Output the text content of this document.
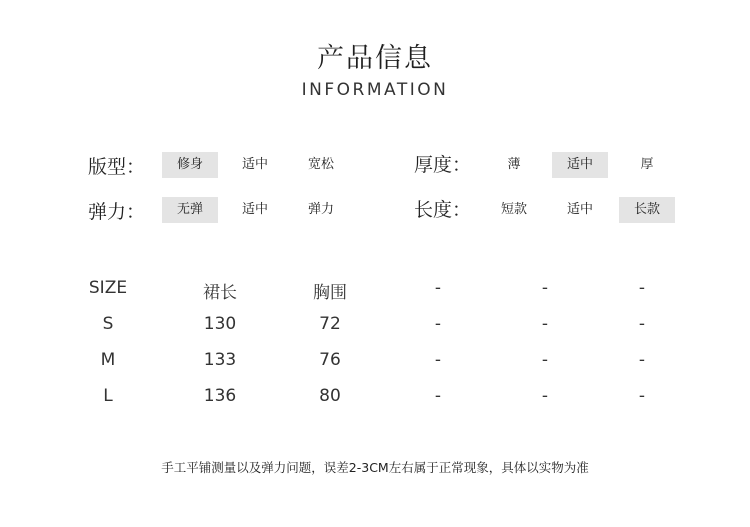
产品信息
INFORMATION
版型：	修身	适中	宽松	厚度：	薄	适中	厚
弹力：	无弹	适中	弹力	长度：	短款	适中	长款
SIZE	裙长	胸围	-	-	-
S	130	72	-	-	-
M	133	76	-	-	-
L	136	80	-	-	-
手工平铺测量以及弹力问题，误差2-3CM左右属于正常现象，具体以实物为准
